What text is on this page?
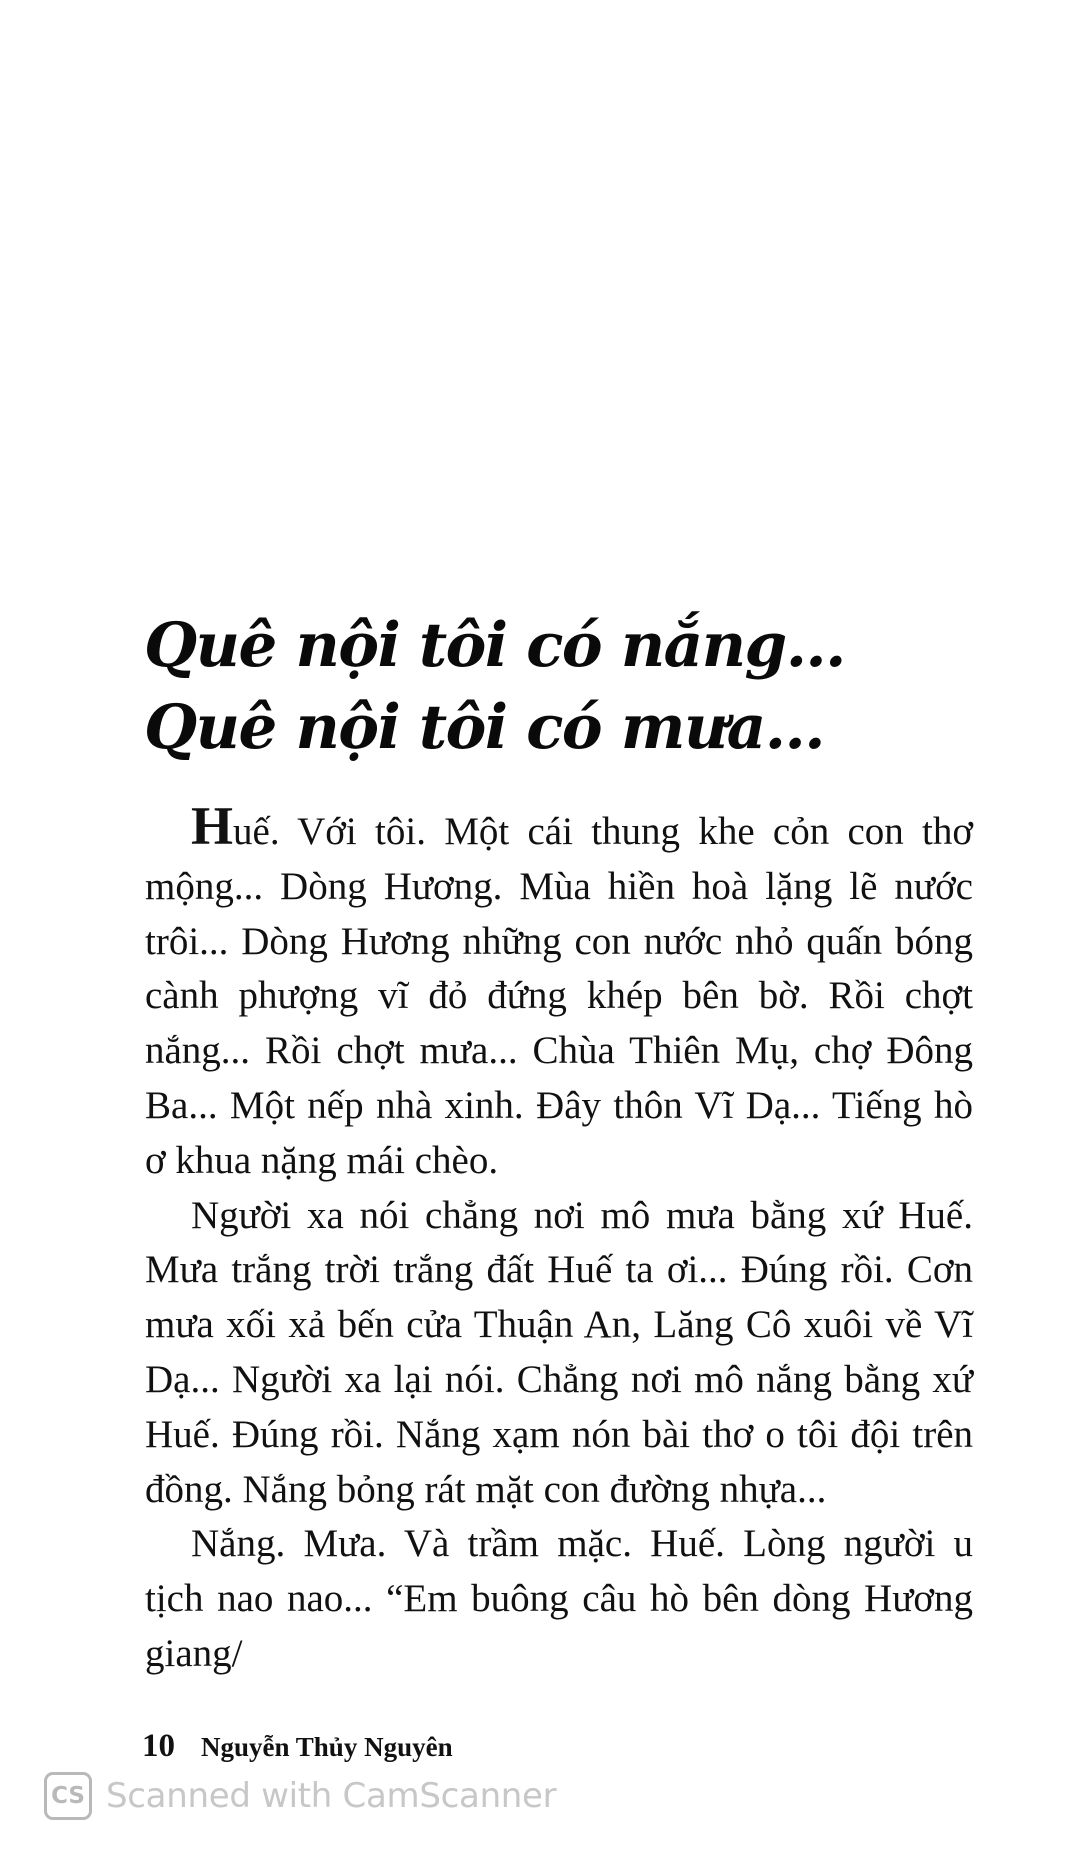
Quê nội tôi có nắng...
Quê nội tôi có mưa...

Huế. Với tôi. Một cái thung khe cỏn con thơ mộng... Dòng Hương. Mùa hiền hoà lặng lẽ nước trôi... Dòng Hương những con nước nhỏ quấn bóng cành phượng vĩ đỏ đứng khép bên bờ. Rồi chợt nắng... Rồi chợt mưa... Chùa Thiên Mụ, chợ Đông Ba... Một nếp nhà xinh. Đây thôn Vĩ Dạ... Tiếng hò ơ khua nặng mái chèo.

Người xa nói chẳng nơi mô mưa bằng xứ Huế. Mưa trắng trời trắng đất Huế ta ơi... Đúng rồi. Cơn mưa xối xả bến cửa Thuận An, Lăng Cô xuôi về Vĩ Dạ... Người xa lại nói. Chẳng nơi mô nắng bằng xứ Huế. Đúng rồi. Nắng xạm nón bài thơ o tôi đội trên đồng. Nắng bỏng rát mặt con đường nhựa...

Nắng. Mưa. Và trầm mặc. Huế. Lòng người u tịch nao nao... “Em buông câu hò bên dòng Hương giang/

10 Nguyễn Thủy Nguyên
CS Scanned with CamScanner
